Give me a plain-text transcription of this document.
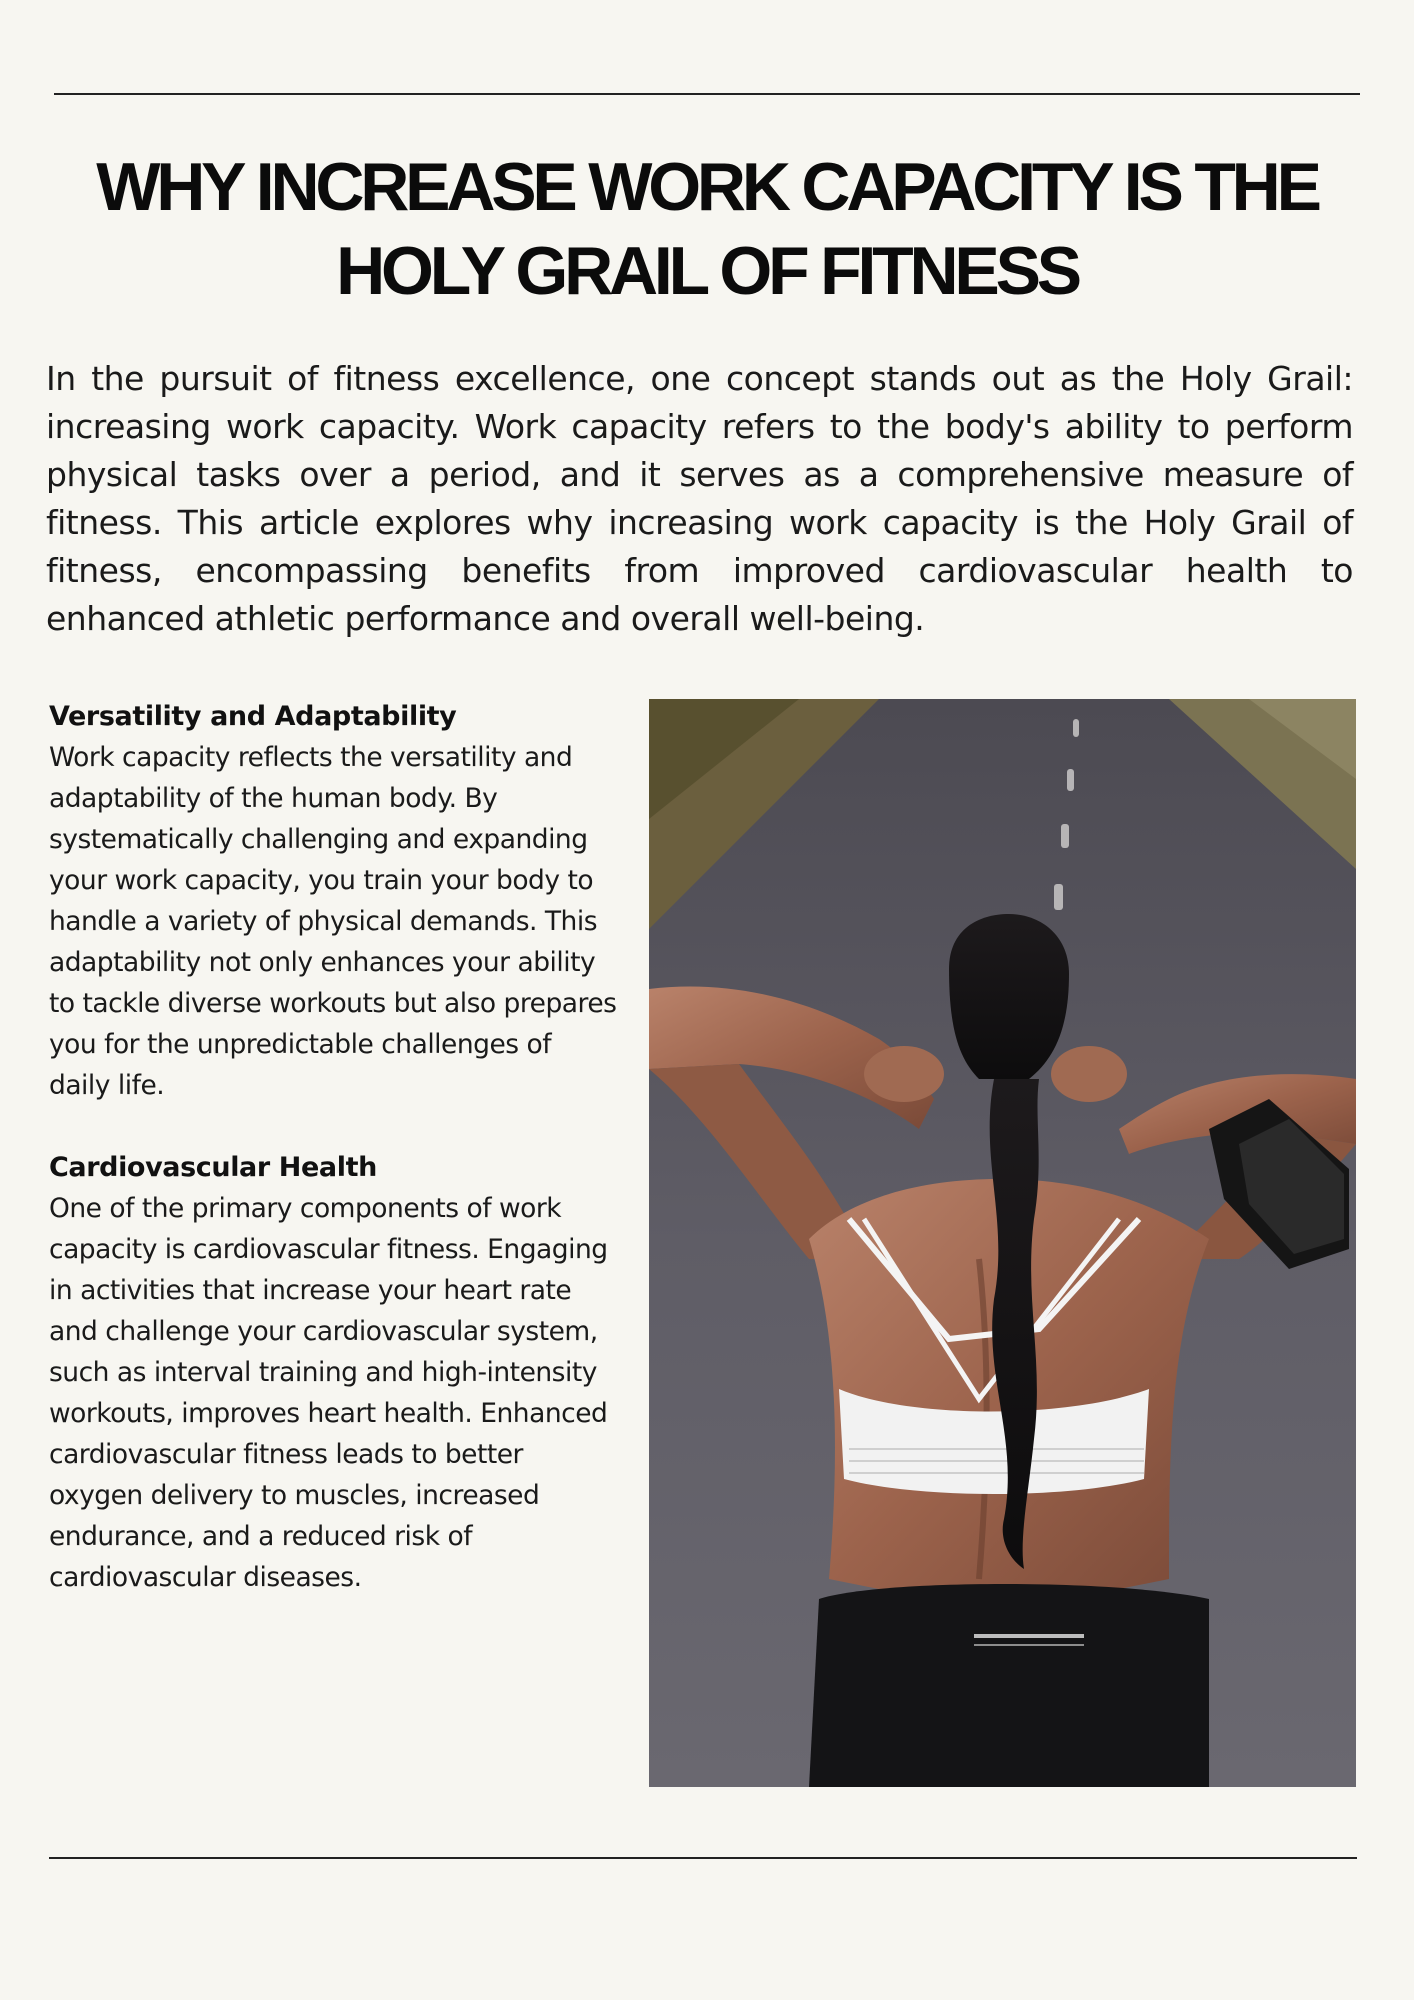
WHY INCREASE WORK CAPACITY IS THE HOLY GRAIL OF FITNESS

In the pursuit of fitness excellence, one concept stands out as the Holy Grail: increasing work capacity. Work capacity refers to the body's ability to perform physical tasks over a period, and it serves as a comprehensive measure of fitness. This article explores why increasing work capacity is the Holy Grail of fitness, encompassing benefits from improved cardiovascular health to enhanced athletic performance and overall well-being.

Versatility and Adaptability

Work capacity reflects the versatility and adaptability of the human body. By systematically challenging and expanding your work capacity, you train your body to handle a variety of physical demands. This adaptability not only enhances your ability to tackle diverse workouts but also prepares you for the unpredictable challenges of daily life.

Cardiovascular Health

One of the primary components of work capacity is cardiovascular fitness. Engaging in activities that increase your heart rate and challenge your cardiovascular system, such as interval training and high-intensity workouts, improves heart health. Enhanced cardiovascular fitness leads to better oxygen delivery to muscles, increased endurance, and a reduced risk of cardiovascular diseases.
